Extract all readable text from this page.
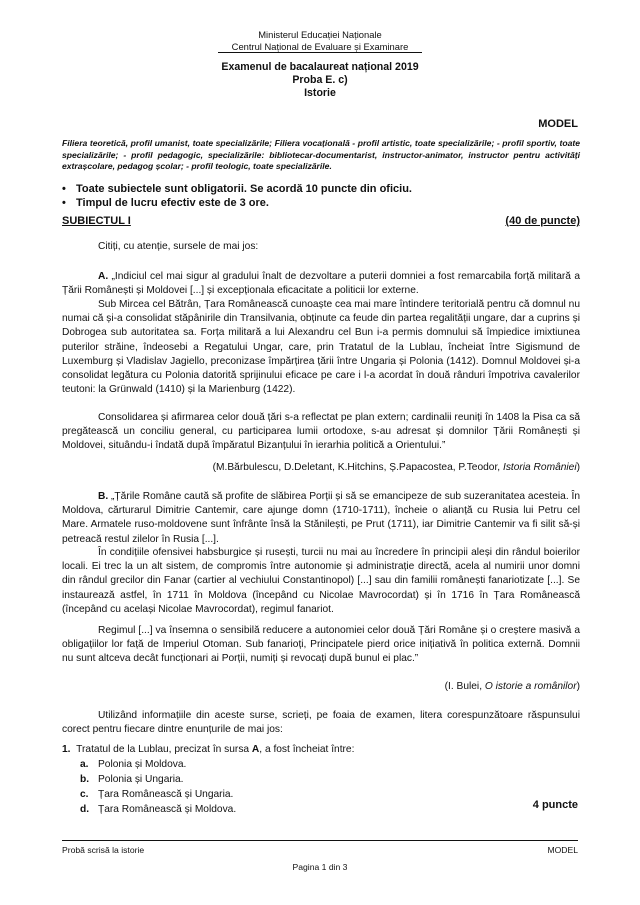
Ministerul Educației Naționale
Centrul Național de Evaluare și Examinare
Examenul de bacalaureat național 2019
Proba E. c)
Istorie
MODEL
Filiera teoretică, profil umanist, toate specializările; Filiera vocațională - profil artistic, toate specializările; - profil sportiv, toate specializările; - profil pedagogic, specializările: bibliotecar-documentarist, instructor-animator, instructor pentru activități extrașcolare, pedagog școlar; - profil teologic, toate specializările.
• Toate subiectele sunt obligatorii. Se acordă 10 puncte din oficiu.
• Timpul de lucru efectiv este de 3 ore.
SUBIECTUL I	(40 de puncte)
Citiți, cu atenție, sursele de mai jos:
A. „Indiciul cel mai sigur al gradului înalt de dezvoltare a puterii domniei a fost remarcabila forță militară a Țării Românești și Moldovei [...] și excepționala eficacitate a politicii lor externe.
Sub Mircea cel Bătrân, Țara Românească cunoaște cea mai mare întindere teritorială pentru că domnul nu numai că și-a consolidat stăpânirile din Transilvania, obținute ca feude din partea regalității ungare, dar a cuprins și Dobrogea sub autoritatea sa. Forța militară a lui Alexandru cel Bun i-a permis domnului să împiedice imixtiunea puterilor străine, îndeosebi a Regatului Ungar, care, prin Tratatul de la Lublau, încheiat între Sigismund de Luxemburg și Vladislav Jagiello, preconizase împărțirea țării între Ungaria și Polonia (1412). Domnul Moldovei și-a consolidat legătura cu Polonia datorită sprijinului eficace pe care i l-a acordat în două rânduri împotriva cavalerilor teutoni: la Grünwald (1410) și la Marienburg (1422).
Consolidarea și afirmarea celor două țări s-a reflectat pe plan extern; cardinalii reuniți în 1408 la Pisa ca să pregătească un conciliu general, cu participarea lumii ortodoxe, s-au adresat și domnilor Țării Românești și Moldovei, situându-i îndată după împăratul Bizanțului în ierarhia politică a Orientului.”
(M.Bărbulescu, D.Deletant, K.Hitchins, Ș.Papacostea, P.Teodor, Istoria României)
B. „Țările Române caută să profite de slăbirea Porții și să se emancipeze de sub suzeranitatea acesteia. În Moldova, cărturarul Dimitrie Cantemir, care ajunge domn (1710-1711), încheie o alianță cu Rusia lui Petru cel Mare. Armatele ruso-moldovene sunt înfrânte însă la Stănilești, pe Prut (1711), iar Dimitrie Cantemir va fi silit să-și petreacă restul zilelor în Rusia [...].
În condițiile ofensivei habsburgice și rusești, turcii nu mai au încredere în principii aleși din rândul boierilor locali. Ei trec la un alt sistem, de compromis între autonomie și administrație directă, acela al numirii unor domni din rândul grecilor din Fanar (cartier al vechiului Constantinopol) [...] sau din familii românești fanariotizate [...]. Se instaurează astfel, în 1711 în Moldova (începând cu Nicolae Mavrocordat) și în 1716 în Țara Românească (începând cu același Nicolae Mavrocordat), regimul fanariot.
Regimul [...] va însemna o sensibilă reducere a autonomiei celor două Țări Române și o creștere masivă a obligațiilor lor față de Imperiul Otoman. Sub fanarioți, Principatele pierd orice inițiativă în politica externă. Domnii nu sunt altceva decât funcționari ai Porții, numiți și revocați după bunul ei plac.”
(I. Bulei, O istorie a românilor)
Utilizând informațiile din aceste surse, scrieți, pe foaia de examen, litera corespunzătoare răspunsului corect pentru fiecare dintre enunțurile de mai jos:
1. Tratatul de la Lublau, precizat în sursa A, a fost încheiat între:
a. Polonia și Moldova.
b. Polonia și Ungaria.
c. Țara Românească și Ungaria.
d. Țara Românească și Moldova.	4 puncte
Probă scrisă la istorie	MODEL
Pagina 1 din 3
